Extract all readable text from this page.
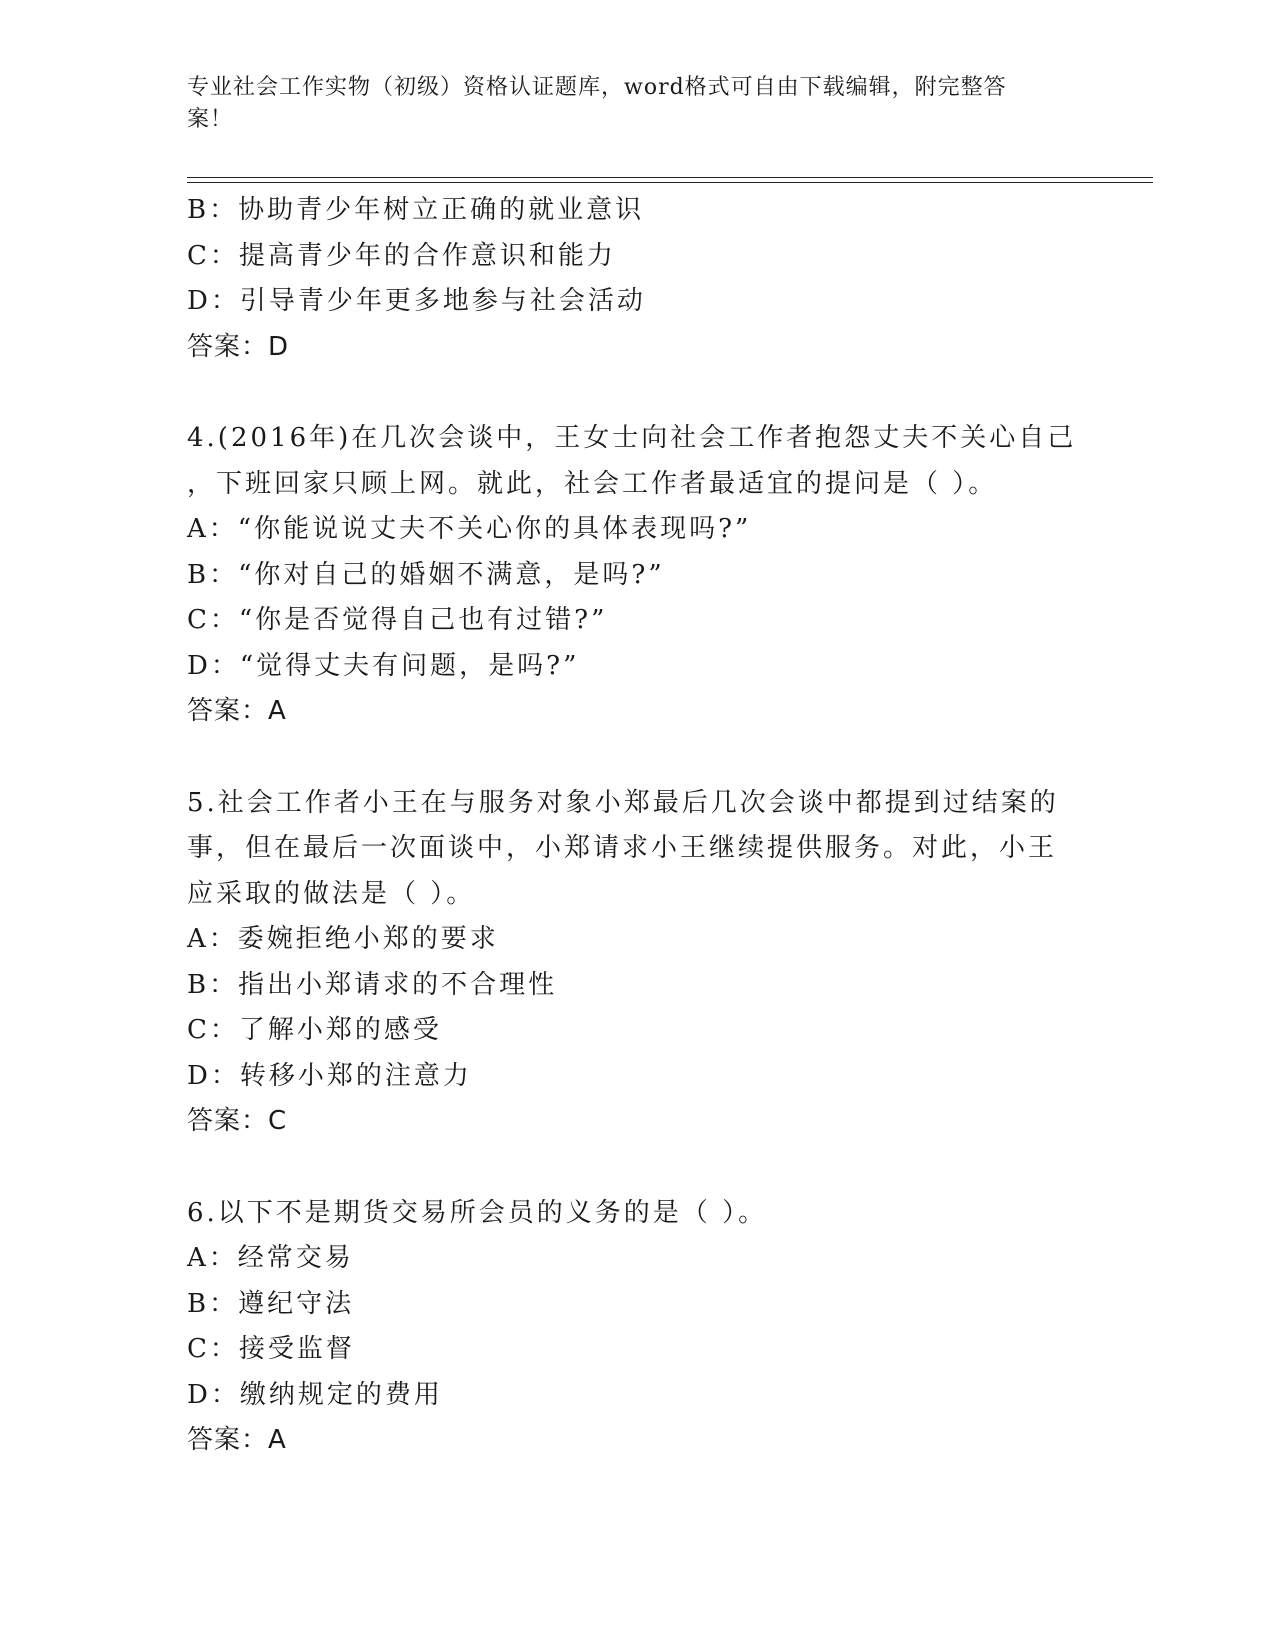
专业社会工作实物（初级）资格认证题库，word格式可自由下载编辑，附完整答
案！
B：协助青少年树立正确的就业意识
C：提高青少年的合作意识和能力
D：引导青少年更多地参与社会活动
答案：D
4.(2016年)在几次会谈中，王女士向社会工作者抱怨丈夫不关心自己
，下班回家只顾上网。就此，社会工作者最适宜的提问是（ ）。
A：“你能说说丈夫不关心你的具体表现吗?”
B：“你对自己的婚姻不满意，是吗?”
C：“你是否觉得自己也有过错?”
D：“觉得丈夫有问题，是吗?”
答案：A
5.社会工作者小王在与服务对象小郑最后几次会谈中都提到过结案的
事，但在最后一次面谈中，小郑请求小王继续提供服务。对此，小王
应采取的做法是（ ）。
A：委婉拒绝小郑的要求
B：指出小郑请求的不合理性
C：了解小郑的感受
D：转移小郑的注意力
答案：C
6.以下不是期货交易所会员的义务的是（ ）。
A：经常交易
B：遵纪守法
C：接受监督
D：缴纳规定的费用
答案：A
